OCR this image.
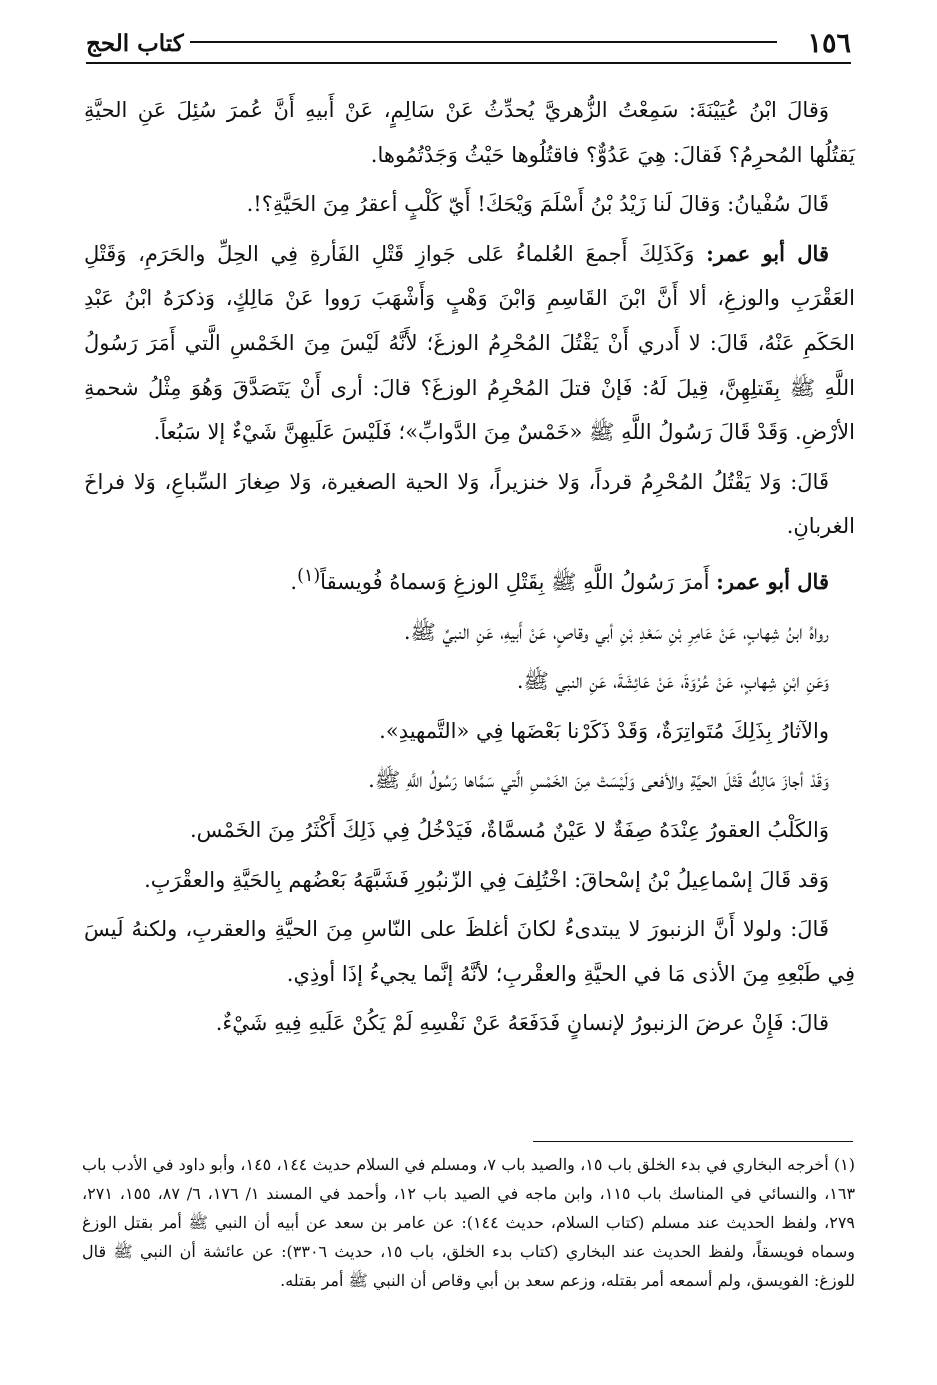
١٥٦
كتاب الحج

وَقالَ ابْنُ عُيَيْنَةَ: سَمِعْتُ الزُّهريَّ يُحدِّثُ عَنْ سَالِمٍ، عَنْ أَبيهِ أَنَّ عُمرَ سُئِلَ عَنِ الحيَّةِ يَقتُلُها المُحرِمُ؟ فَقالَ: هِيَ عَدُوٌّ؟ فاقتُلُوها حَيْثُ وَجَدْتُمُوها.

قَالَ سُفْيانُ: وَقالَ لَنا زَيْدُ بْنُ أَسْلَمَ وَيْحَكَ! أَيّ كَلْبٍ أعقرُ مِنَ الحَيَّةِ؟!.

قال أبو عمر: وَكَذَلِكَ أَجمعَ العُلماءُ عَلى جَوازِ قَتْلِ الفَأرةِ فِي الحِلِّ والحَرَمِ، وَقَتْلِ العَقْرَبِ والوزغِ، ألا أَنَّ ابْنَ القَاسِمِ وَابْنَ وَهْبٍ وَأَشْهَبَ رَووا عَنْ مَالِكٍ، وَذكرَهُ ابْنُ عَبْدِ الحَكَمِ عَنْهُ، قَالَ: لا أَدري أَنْ يَقْتُلَ المُحْرِمُ الوزغَ؛ لأَنَّهُ لَيْسَ مِنَ الخَمْسِ الَّتي أَمَرَ رَسُولُ اللَّهِ ﷺ بِقَتلِهِنَّ، قِيلَ لَهُ: فَإنْ قتلَ المُحْرِمُ الوزغَ؟ قالَ: أرى أَنْ يَتَصَدَّقَ وَهُوَ مِثْلُ شحمةِ الأرْضِ. وَقَدْ قَالَ رَسُولُ اللَّهِ ﷺ «خَمْسٌ مِنَ الدَّوابِّ»؛ فَلَيْسَ عَلَيهِنَّ شَيْءٌ إلا سَبُعاً.

قَالَ: وَلا يَقْتُلُ المُحْرِمُ قرداً، وَلا خنزيراً، وَلا الحية الصغيرة، وَلا صِغارَ السِّباعِ، وَلا فراخَ الغربانِ.

قال أبو عمر: أَمرَ رَسُولُ اللَّهِ ﷺ بِقَتْلِ الوزغِ وَسماهُ فُويسقاً$^{(١)}$.

رواهُ ابنُ شِهابٍ، عَنْ عَامِرِ بْنِ سَعْدِ بْنِ أبي وقاصٍ، عَنْ أَبيهِ، عَنِ النبيِّ ﷺ.

وَعَنِ ابْنِ شِهابٍ، عَنْ عُرْوَةَ، عَنْ عَائِشَةَ، عَنِ النبي ﷺ.

والآثارُ بِذَلِكَ مُتَواتِرَةٌ، وَقَدْ ذَكَرْنا بَعْضَها فِي «التَّمهيدِ».

وَقَدْ أجازَ مَالِكٌ قَتْلَ الحيَّةِ والأفعى وَلَيْسَتْ مِنَ الخَمْسِ الَّتي سَمَّاها رَسُولُ اللَّهِ ﷺ.

وَالكَلْبُ العقورُ عِنْدَهُ صِفَةٌ لا عَيْنٌ مُسمَّاةٌ، فَيَدْخُلُ فِي ذَلِكَ أَكْثَرُ مِنَ الخَمْس.

وَقد قَالَ إسْماعِيلُ بْنُ إسْحاقَ: اخْتُلِفَ فِي الزّنبُورِ فَشَبَّهَهُ بَعْضُهم بِالحَيَّةِ والعقْرَبِ.

قَالَ: ولولا أَنَّ الزنبورَ لا يبتدىءُ لكانَ أغلظَ على النّاسِ مِنَ الحيَّةِ والعقربِ، ولكنهُ لَيسَ فِي طَبْعِهِ مِنَ الأذى مَا في الحيَّةِ والعقْربِ؛ لأنَّهُ إنَّما يجيءُ إذَا أوذِي.

قالَ: فَإِنْ عرضَ الزنبورُ لإنسانٍ فَدَفَعَهُ عَنْ نَفْسِهِ لَمْ يَكُنْ عَلَيهِ فِيهِ شَيْءٌ.

(١) أخرجه البخاري في بدء الخلق باب ١٥، والصيد باب ٧، ومسلم في السلام حديث ١٤٤، ١٤٥، وأبو داود في الأدب باب ١٦٣، والنسائي في المناسك باب ١١٥، وابن ماجه في الصيد باب ١٢، وأحمد في المسند ١/ ١٧٦، ٦/ ٨٧، ١٥٥، ٢٧١، ٢٧٩، ولفظ الحديث عند مسلم (كتاب السلام، حديث ١٤٤): عن عامر بن سعد عن أبيه أن النبي ﷺ أمر بقتل الوزغ وسماه فويسقاً، ولفظ الحديث عند البخاري (كتاب بدء الخلق، باب ١٥، حديث ٣٣٠٦): عن عائشة أن النبي ﷺ قال للوزغ: الفويسق، ولم أسمعه أمر بقتله، وزعم سعد بن أبي وقاص أن النبي ﷺ أمر بقتله.
